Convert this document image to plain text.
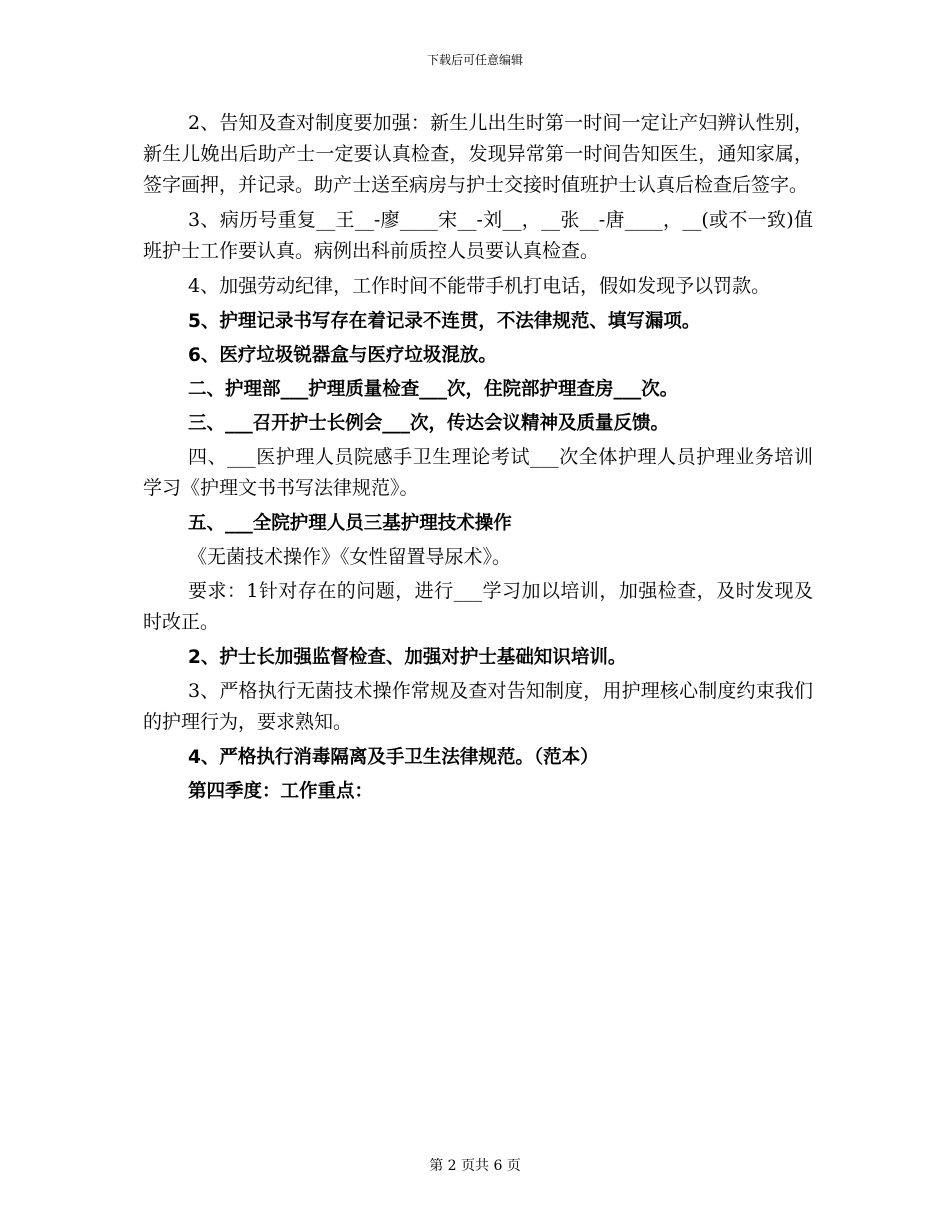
下载后可任意编辑

2、告知及查对制度要加强：新生儿出生时第一时间一定让产妇辨认性别，新生儿娩出后助产士一定要认真检查，发现异常第一时间告知医生，通知家属，签字画押，并记录。助产士送至病房与护士交接时值班护士认真后检查后签字。

3、病历号重复__王__-廖____宋__-刘__，__张__-唐____，__(或不一致)值班护士工作要认真。病例出科前质控人员要认真检查。

4、加强劳动纪律，工作时间不能带手机打电话，假如发现予以罚款。

5、护理记录书写存在着记录不连贯，不法律规范、填写漏项。

6、医疗垃圾锐器盒与医疗垃圾混放。

二、护理部___护理质量检查___次，住院部护理查房___次。

三、___召开护士长例会___次，传达会议精神及质量反馈。

四、___医护理人员院感手卫生理论考试___次全体护理人员护理业务培训学习《护理文书书写法律规范》。

五、___全院护理人员三基护理技术操作

《无菌技术操作》《女性留置导尿术》。

要求：1针对存在的问题，进行___学习加以培训，加强检查，及时发现及时改正。

2、护士长加强监督检查、加强对护士基础知识培训。

3、严格执行无菌技术操作常规及查对告知制度，用护理核心制度约束我们的护理行为，要求熟知。

4、严格执行消毒隔离及手卫生法律规范。（范本）

第四季度：工作重点：

第 2 页共 6 页
